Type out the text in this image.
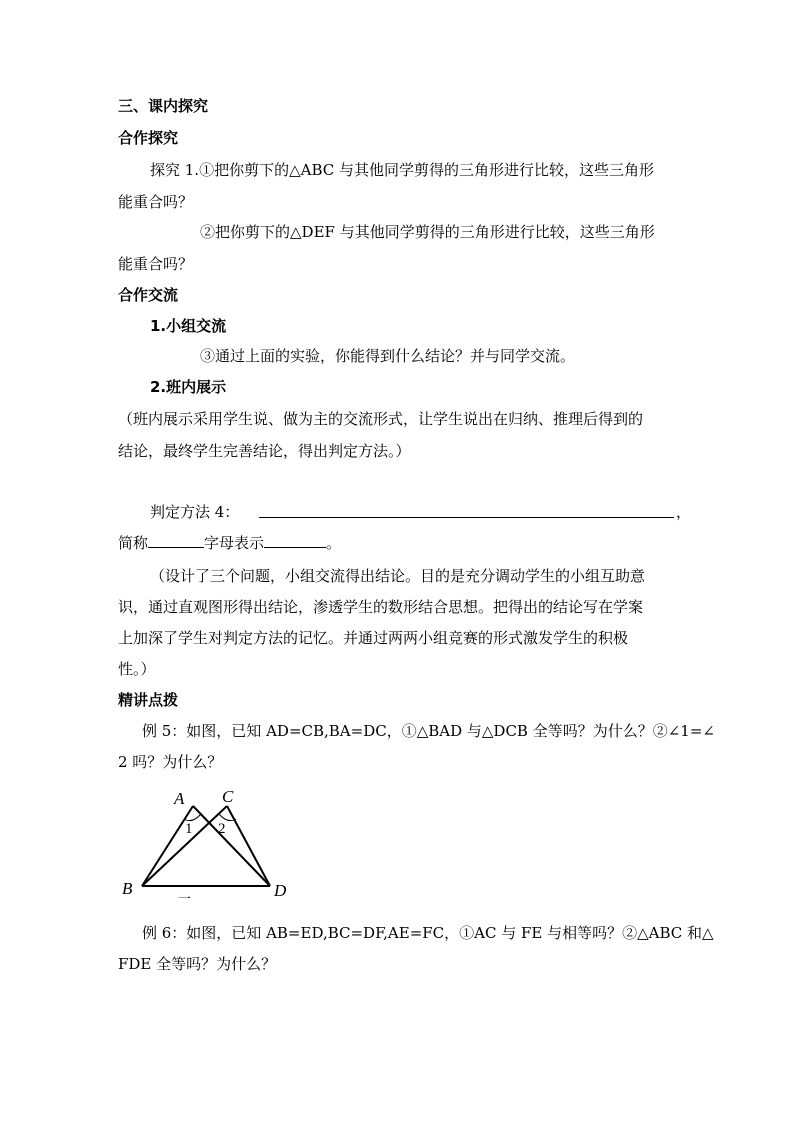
三、课内探究
合作探究
探究 1.①把你剪下的△ABC 与其他同学剪得的三角形进行比较，这些三角形
能重合吗？
②把你剪下的△DEF 与其他同学剪得的三角形进行比较，这些三角形
能重合吗？
合作交流
1.小组交流
③通过上面的实验，你能得到什么结论？并与同学交流。
2.班内展示
（班内展示采用学生说、做为主的交流形式，让学生说出在归纳、推理后得到的
结论，最终学生完善结论，得出判定方法。）
判定方法 4：	，
简称	字母表示	。
（设计了三个问题，小组交流得出结论。目的是充分调动学生的小组互助意
识，通过直观图形得出结论，渗透学生的数形结合思想。把得出的结论写在学案
上加深了学生对判定方法的记忆。并通过两两小组竞赛的形式激发学生的积极
性。）
精讲点拨
例 5：如图，已知 AD=CB,BA=DC，①△BAD 与△DCB 全等吗？为什么？②∠1=∠
2 吗？为什么？
A C
B	D
1 2
一
例 6：如图，已知 AB=ED,BC=DF,AE=FC，①AC 与 FE 与相等吗？②△ABC 和△
FDE 全等吗？为什么？
